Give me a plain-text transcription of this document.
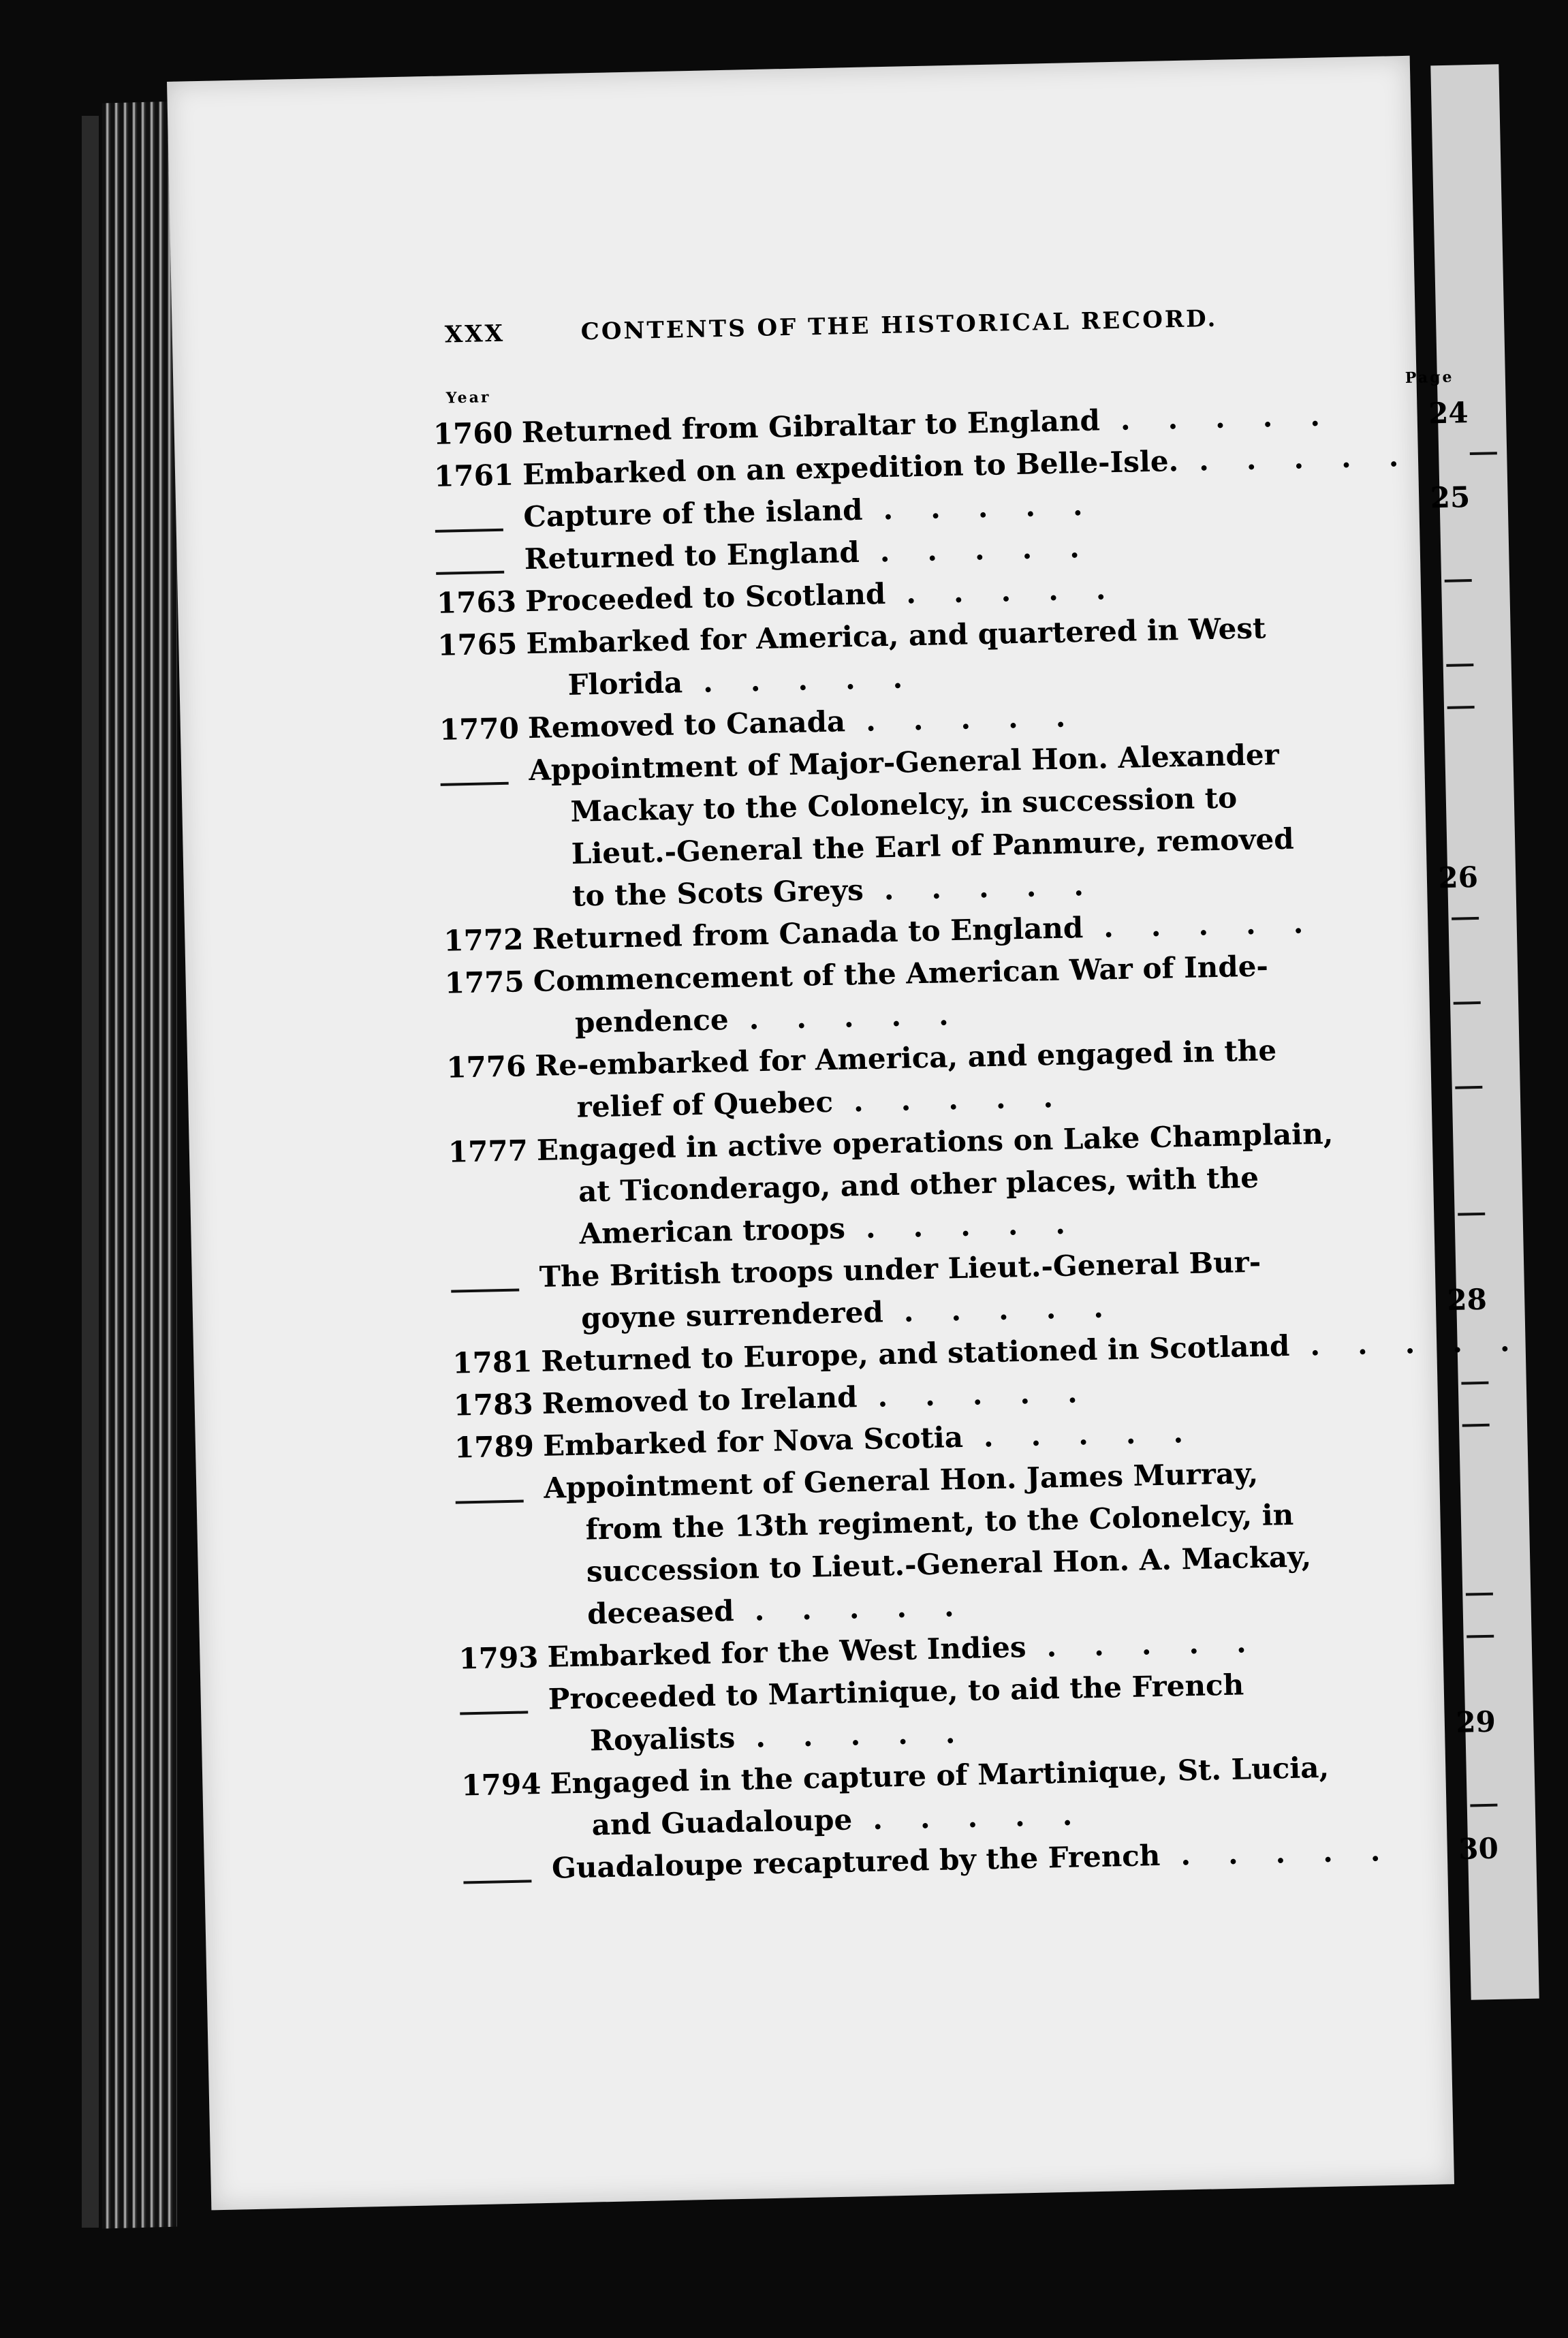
XXX	CONTENTS OF THE HISTORICAL RECORD.
Year
Page
1760 Returned from Gibraltar to England .....	24
1761 Embarked on an expedition to Belle-Isle. .....
Capture of the island .....	25
Returned to England .....
1763 Proceeded to Scotland .....
1765 Embarked for America, and quartered in West
Florida .....
1770 Removed to Canada .....
Appointment of Major-General Hon. Alexander
Mackay to the Colonelcy, in succession to
Lieut.-General the Earl of Panmure, removed
to the Scots Greys .....	26
1772 Returned from Canada to England .....
1775 Commencement of the American War of Inde-
pendence .....
1776 Re-embarked for America, and engaged in the
relief of Quebec .....
1777 Engaged in active operations on Lake Champlain,
at Ticonderago, and other places, with the
American troops .....
The British troops under Lieut.-General Bur-
goyne surrendered .....	28
1781 Returned to Europe, and stationed in Scotland .....
1783 Removed to Ireland .....
1789 Embarked for Nova Scotia .....
Appointment of General Hon. James Murray,
from the 13th regiment, to the Colonelcy, in
succession to Lieut.-General Hon. A. Mackay,
deceased .....
1793 Embarked for the West Indies .....
Proceeded to Martinique, to aid the French
Royalists .....	29
1794 Engaged in the capture of Martinique, St. Lucia,
and Guadaloupe .....
Guadaloupe recaptured by the French .....	30
